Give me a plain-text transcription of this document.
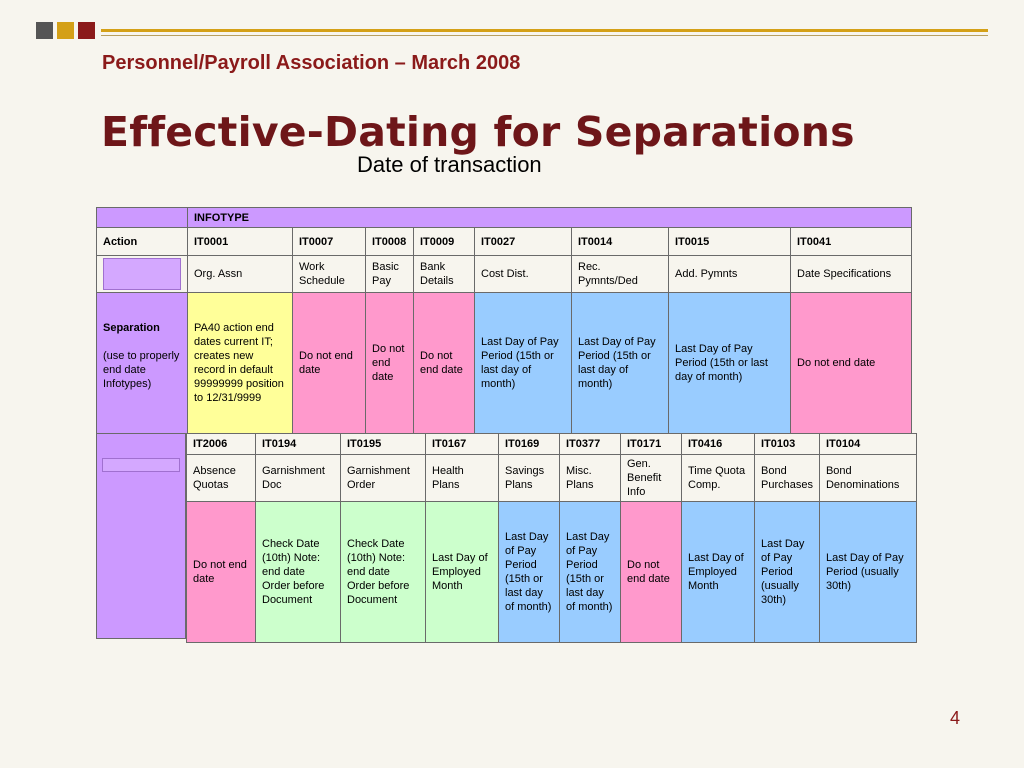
Personnel/Payroll Association – March 2008
Effective-Dating for Separations
Date of transaction
	INFOTYPE							
Action	IT0001	IT0007	IT0008	IT0009	IT0027	IT0014	IT0015	IT0041

	Org. Assn	Work Schedule	Basic Pay	Bank Details	Cost Dist.	Rec. Pymnts/Ded	Add. Pymnts	Date Specifications

Separation
(use to properly end date Infotypes)	PA40 action end dates current IT; creates new record in default 99999999 position to 12/31/9999	Do not end date	Do not end date	Do not end date	Last Day of Pay Period (15th or last day of month)	Last Day of Pay Period (15th or last day of month)	Last Day of Pay Period (15th or last day of month)	Do not end date
IT2006	IT0194	IT0195	IT0167	IT0169	IT0377	IT0171	IT0416	IT0103	IT0104
Absence Quotas	Garnishment Doc	Garnishment Order	Health Plans	Savings Plans	Misc. Plans	Gen. Benefit Info	Time Quota Comp.	Bond Purchases	Bond Denominations
Do not end date	Check Date (10th) Note: end date Order before Document	Check Date (10th) Note: end date Order before Document	Last Day of Employed Month	Last Day of Pay Period (15th or last day of month)	Last Day of Pay Period (15th or last day of month)	Do not end date	Last Day of Employed Month	Last Day of Pay Period (usually 30th)	Last Day of Pay Period (usually 30th)
4
